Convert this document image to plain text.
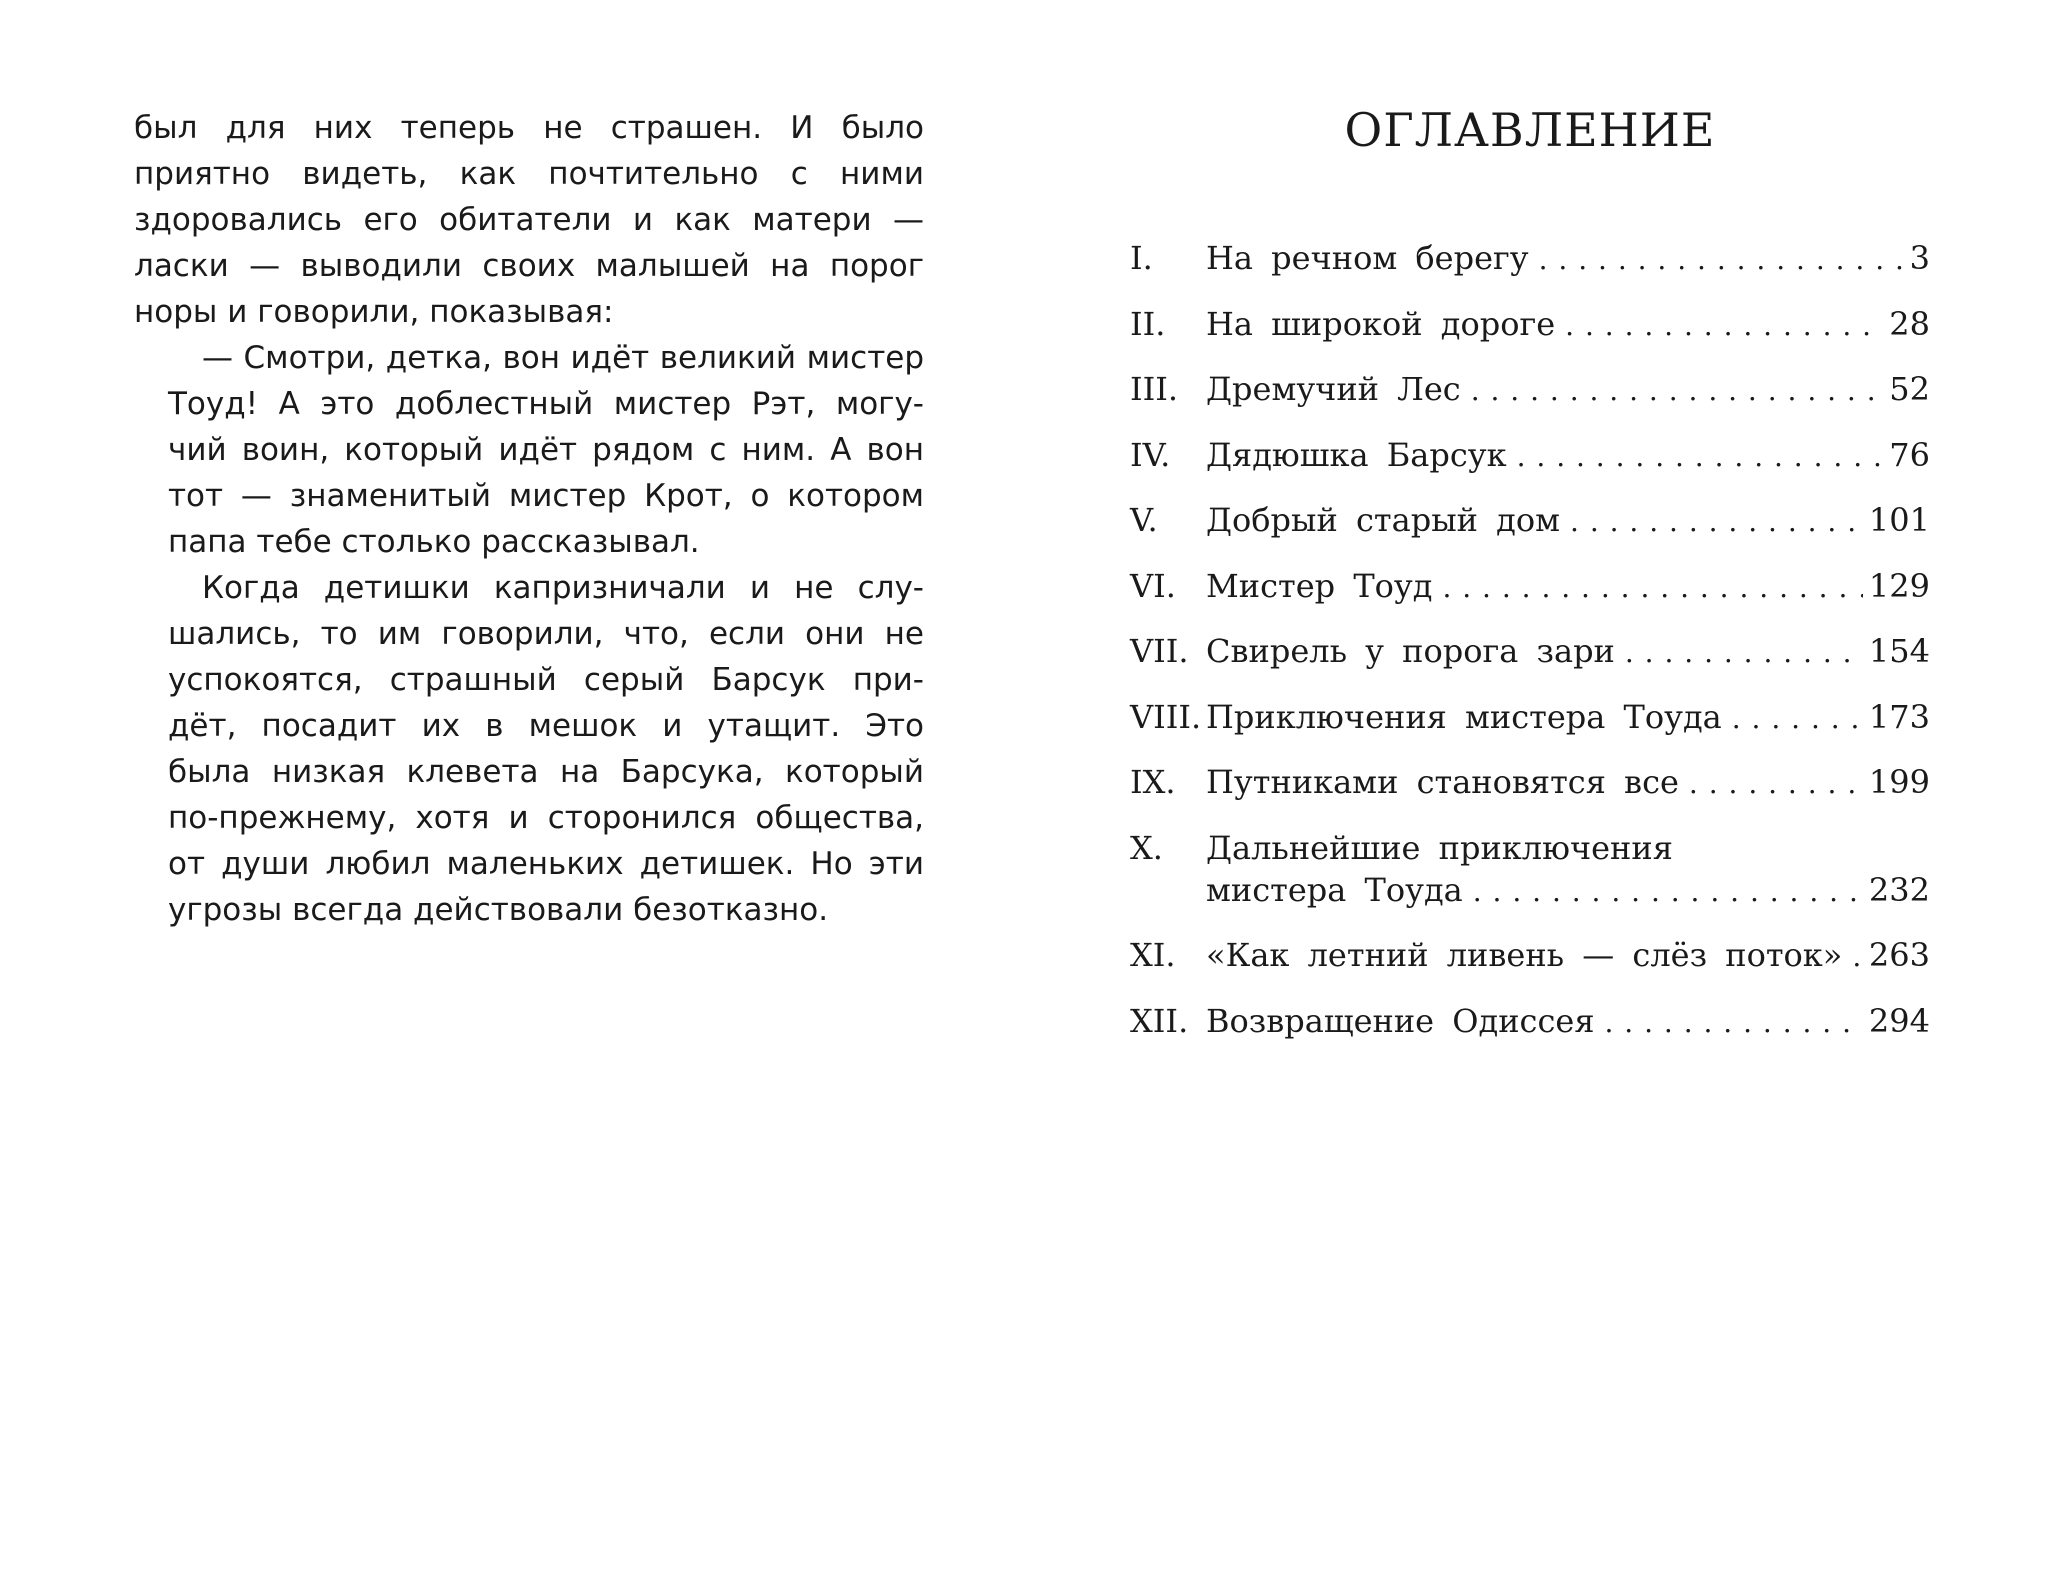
был для них теперь не страшен. И было
приятно видеть, как почтительно с ними
здоровались его обитатели и как матери —
ласки — выводили своих малышей на порог
норы и говорили, показывая:

— Смотри, детка, вон идёт великий мистер
Тоуд! А это доблестный мистер Рэт, могу-
чий воин, который идёт рядом с ним. А вон
тот — знаменитый мистер Крот, о котором
папа тебе столько рассказывал.

Когда детишки капризничали и не слу-
шались, то им говорили, что, если они не
успокоятся, страшный серый Барсук при-
дёт, посадит их в мешок и утащит. Это
была низкая клевета на Барсука, который
по-прежнему, хотя и сторонился общества,
от души любил маленьких детишек. Но эти
угрозы всегда действовали безотказно.

ОГЛАВЛЕНИЕ
I. На речном берегу . . .	3
II. На широкой дороге . . .	28
III. Дремучий Лес . . .	52
IV. Дядюшка Барсук . . .	76
V. Добрый старый дом . . .	101
VI. Мистер Тоуд . . .	129
VII. Свирель у порога зари . . .	154
VIII. Приключения мистера Тоуда . . .	173
IX. Путниками становятся все . . .	199
X. Дальнейшие приключения
мистера Тоуда . . .	232
XI. «Как летний ливень — слёз поток» . . . 263
XII. Возвращение Одиссея . . .	294
